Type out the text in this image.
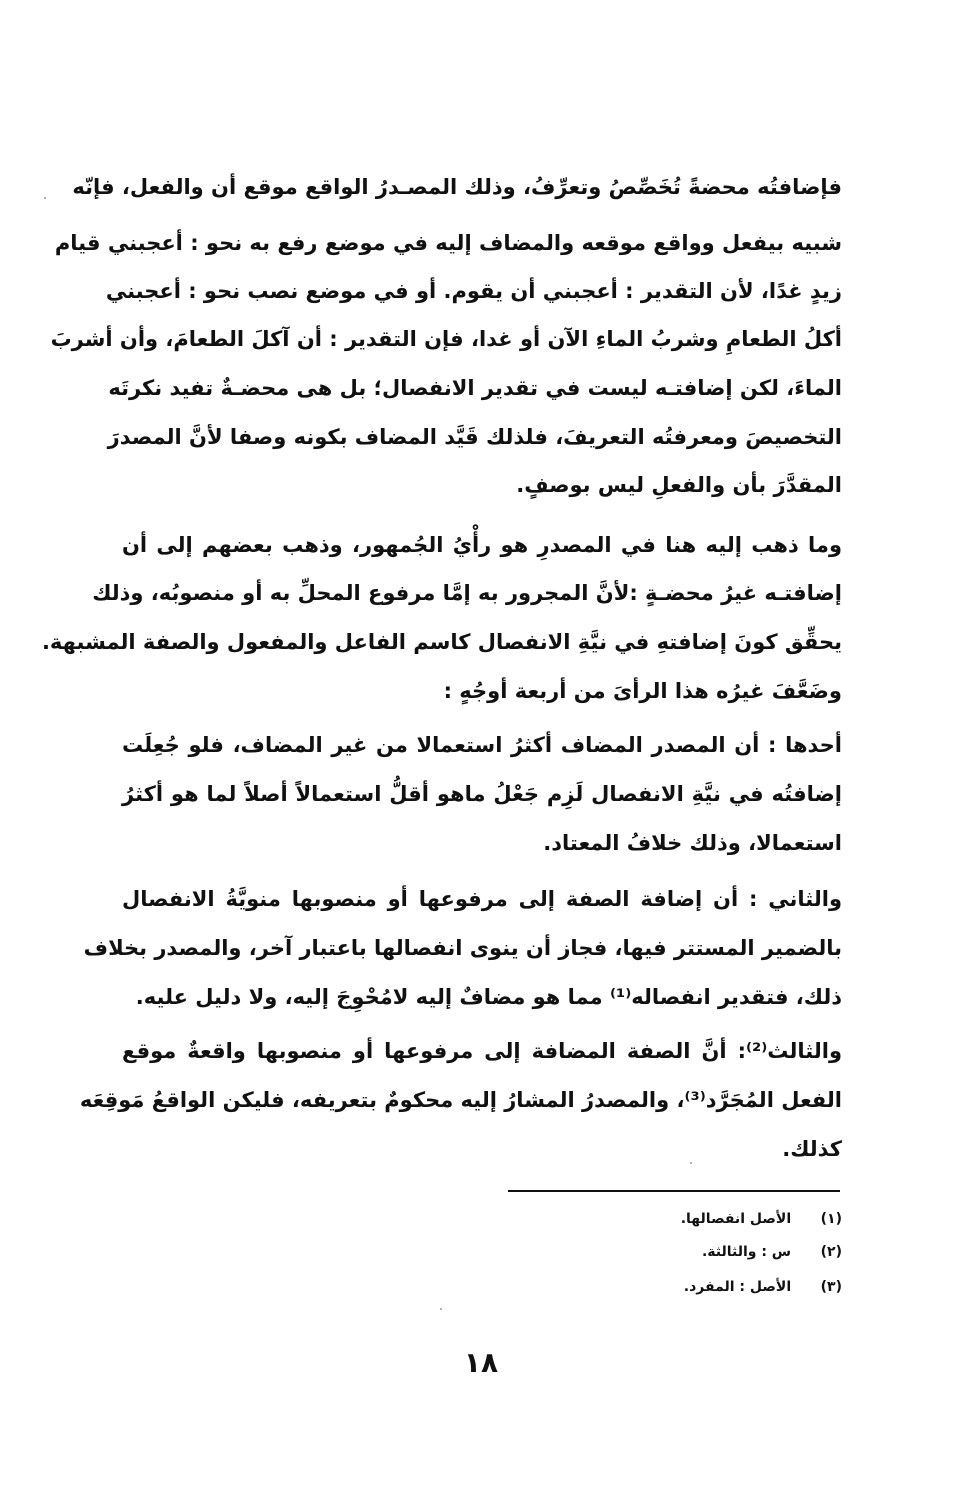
فإضافتُه محضةً تُخَصِّصُ وتعرِّفُ، وذلك المصـدرُ الواقع موقع أن والفعل، فإنّه
شبيه بيفعل وواقع موقعه والمضاف إليه في موضع رفع به نحو : أعجبني قيام
زيدٍ غدًا، لأن التقدير : أعجبني أن يقوم. أو في موضع نصب نحو : أعجبني
أكلُ الطعامِ وشربُ الماءِ الآن أو غدا، فإن التقدير : أن آكلَ الطعامَ، وأن أشربَ
الماءَ، لكن إضافتـه ليست في تقدير الانفصال؛ بل هى محضـةٌ تفيد نكرتَه
التخصيصَ ومعرفتُه التعريفَ، فلذلك قَيَّد المضاف بكونه وصفا لأنَّ المصدرَ
المقدَّرَ بأن والفعلِ ليس بوصفٍ.
وما ذهب إليه هنا في المصدرِ هو رأْيُ الجُمهور، وذهب بعضهم إلى أن
إضافتـه غيرُ محضـةٍ :لأنَّ المجرور به إمَّا مرفوع المحلِّ به أو منصوبُه، وذلك
يحقِّق كونَ إضافتهِ في نيَّةِ الانفصال كاسم الفاعل والمفعول والصفة المشبهة.
وضَعَّفَ غيرُه هذا الرأىَ من أربعة أوجُهٍ :
أحدها : أن المصدر المضاف أكثرُ استعمالا من غير المضاف، فلو جُعِلَت
إضافتُه في نيَّةِ الانفصال لَزِم جَعْلُ ماهو أقلُّ استعمالاً أصلاً لما هو أكثرُ
استعمالا، وذلك خلافُ المعتاد.
والثاني : أن إضافة الصفة إلى مرفوعها أو منصوبها منويَّةُ الانفصال
بالضمير المستتر فيها، فجاز أن ينوى انفصالها باعتبار آخر، والمصدر بخلاف
ذلك، فتقدير انفصاله⁽¹⁾ مما هو مضافٌ إليه لامُحْوِجَ إليه، ولا دليل عليه.
والثالث⁽²⁾: أنَّ الصفة المضافة إلى مرفوعها أو منصوبها واقعةٌ موقع
الفعل المُجَرَّد⁽³⁾، والمصدرُ المشارُ إليه محكومٌ بتعريفه، فليكن الواقعُ مَوقِعَه
كذلك.
(١) الأصل انفصالها.
(٢) س : والثالثة.
(٣) الأصل : المفرد.
١٨
